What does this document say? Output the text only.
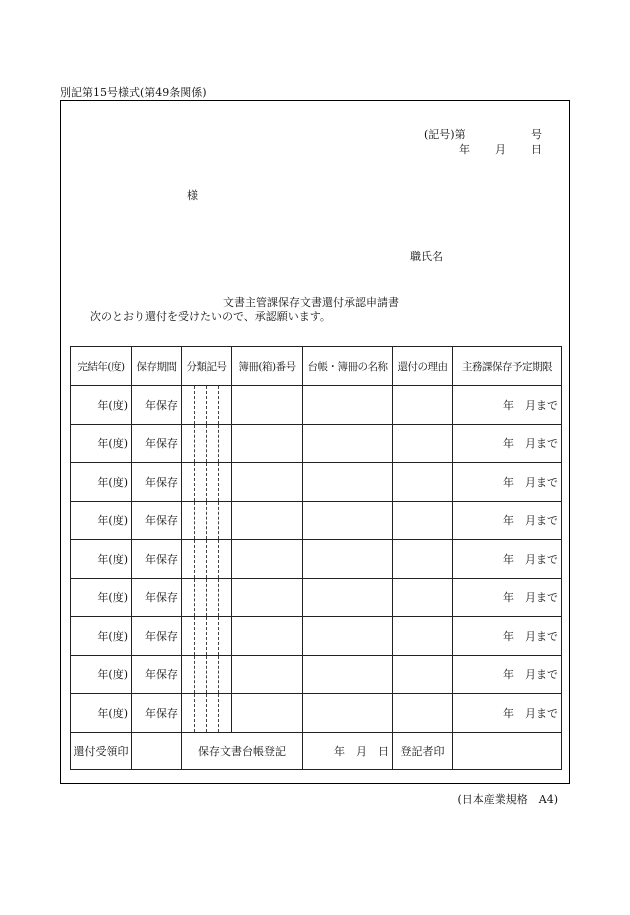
別記第15号様式(第49条関係)
(記号)第	号
年 月 日
様
職氏名
文書主管課保存文書還付承認申請書
次のとおり還付を受けたいので、承認願います。
完結年(度)	保存期間	分類記号	簿冊(箱)番号	台帳・簿冊の名称	還付の理由	主務課保存予定期限
年(度)	年保存					年　月まで
年(度)	年保存					年　月まで
年(度)	年保存					年　月まで
年(度)	年保存					年　月まで
年(度)	年保存					年　月まで
年(度)	年保存					年　月まで
年(度)	年保存					年　月まで
年(度)	年保存					年　月まで
年(度)	年保存					年　月まで
還付受領印		保存文書台帳登記		年　月　日	登記者印	
(日本産業規格　A4)
